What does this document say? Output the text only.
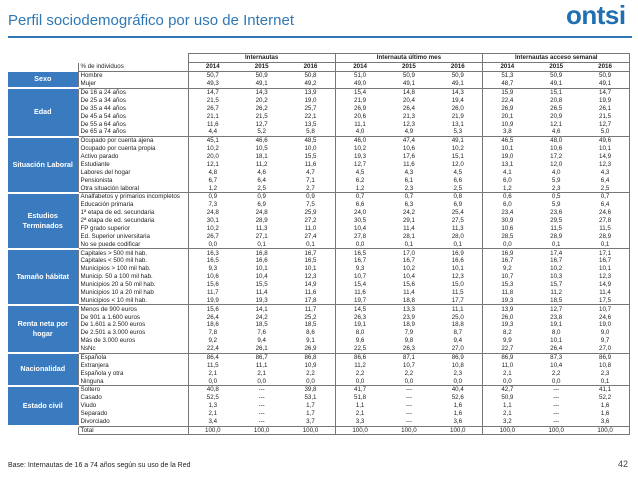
Perfil sociodemográfico por uso de Internet	ontsi
		Internautas			Internauta último mes			Internautas acceso semanal		
	% de individuos	2014	2015	2016	2014	2015	2016	2014	2015	2016
Sexo	Hombre	50,7	50,9	50,8	51,0	50,9	50,9	51,3	50,9	50,9
	Mujer	49,3	49,1	49,2	49,0	49,1	49,1	48,7	49,1	49,1
Edad	De 16 a 24 años	14,7	14,3	13,9	15,4	14,8	14,3	15,9	15,1	14,7
	De 25 a 34 años	21,5	20,2	19,0	21,9	20,4	19,4	22,4	20,8	19,9
	De 35 a 44 años	26,7	26,2	25,7	26,9	26,4	26,0	26,9	26,5	26,1
	De 45 a 54 años	21,1	21,5	22,1	20,6	21,3	21,9	20,1	20,9	21,5
	De 55 a 64 años	11,6	12,7	13,5	11,1	12,3	13,1	10,9	12,1	12,7
	De 65 a 74 años	4,4	5,2	5,8	4,0	4,9	5,3	3,8	4,6	5,0
Situación Laboral	Ocupado por cuenta ajena	45,1	46,6	48,5	46,0	47,4	49,1	46,5	48,0	49,6
	Ocupado por cuenta propia	10,2	10,5	10,0	10,2	10,6	10,2	10,1	10,6	10,1
	Activo parado	20,0	18,1	15,5	19,3	17,6	15,1	19,0	17,2	14,9
	Estudiante	12,1	11,2	11,6	12,7	11,6	12,0	13,1	12,0	12,3
	Labores del hogar	4,8	4,6	4,7	4,5	4,3	4,5	4,1	4,0	4,3
	Pensionista	6,7	6,4	7,1	6,2	6,1	6,6	6,0	5,9	6,4
	Otra situación laboral	1,2	2,5	2,7	1,2	2,3	2,5	1,2	2,3	2,5
Estudios Terminados	Analfabetos y primarios incompletos	0,9	0,9	0,9	0,7	0,7	0,8	0,6	0,5	0,7
	Educación primaria	7,3	6,9	7,5	6,6	6,3	6,9	6,0	5,9	6,4
	1ª etapa de ed. secundaria	24,8	24,8	25,9	24,0	24,2	25,4	23,4	23,6	24,6
	2ª etapa de ed. secundaria	30,1	28,9	27,2	30,5	29,1	27,5	30,9	29,5	27,8
	FP grado superior	10,2	11,3	11,0	10,4	11,4	11,3	10,6	11,5	11,5
	Ed. Superior universitaria	26,7	27,1	27,4	27,8	28,1	28,0	28,5	28,9	28,9
	No se puede codificar	0,0	0,1	0,1	0,0	0,1	0,1	0,0	0,1	0,1
Tamaño hábitat	Capitales > 500 mil hab.	16,3	16,8	16,7	16,5	17,0	16,9	16,9	17,4	17,1
	Capitales < 500 mil hab.	16,5	16,6	16,5	16,7	16,7	16,6	16,7	16,7	16,7
	Municipios > 100 mil hab.	9,3	10,1	10,1	9,3	10,2	10,1	9,2	10,2	10,1
	Municip. 50 a 100 mil hab.	10,6	10,4	12,3	10,7	10,4	12,3	10,7	10,3	12,3
	Municipios 20 a 50 mil hab.	15,6	15,5	14,9	15,4	15,6	15,0	15,3	15,7	14,9
	Municipios 10 a 20 mil hab	11,7	11,4	11,6	11,6	11,4	11,5	11,8	11,2	11,4
	Municipios < 10 mil hab.	19,9	19,3	17,8	19,7	18,8	17,7	19,3	18,5	17,5
Renta neta por hogar	Menos de 900 euros	15,6	14,1	11,7	14,5	13,3	11,1	13,9	12,7	10,7
	De 901 a 1.600 euros	26,4	24,2	25,2	26,3	23,9	25,0	26,0	23,8	24,6
	De 1.601 a 2.500 euros	18,6	18,5	18,5	19,1	18,9	18,8	19,3	19,1	19,0
	De 2.501 a 3.000 euros	7,8	7,6	8,6	8,0	7,9	8,7	8,2	8,0	9,0
	Más de 3.000 euros	9,2	9,4	9,1	9,6	9,8	9,4	9,9	10,1	9,7
	NsNc	22,4	26,1	26,9	22,5	26,3	27,0	22,7	26,4	27,0
Nacionalidad	Española	86,4	86,7	86,8	86,6	87,1	86,9	86,9	87,3	86,9
	Extranjera	11,5	11,1	10,9	11,2	10,7	10,8	11,0	10,4	10,8
	Española y otra	2,1	2,1	2,2	2,2	2,2	2,3	2,1	2,2	2,3
	Ninguna	0,0	0,0	0,0	0,0	0,0	0,0	0,0	0,0	0,1
Estado civil	Soltero	40,8	---	39,8	41,7	---	40,4	42,7	---	41,1
	Casado	52,5	---	53,1	51,8	---	52,6	50,9	---	52,2
	Viudo	1,3	---	1,7	1,1	---	1,6	1,1	---	1,6
	Separado	2,1	---	1,7	2,1	---	1,6	2,1	---	1,6
	Divorciado	3,4	---	3,7	3,3	---	3,6	3,2	---	3,6
	Total	100,0	100,0	100,0	100,0	100,0	100,0	100,0	100,0	100,0
Base: Internautas de 16 a 74 años según su uso de la Red	42
